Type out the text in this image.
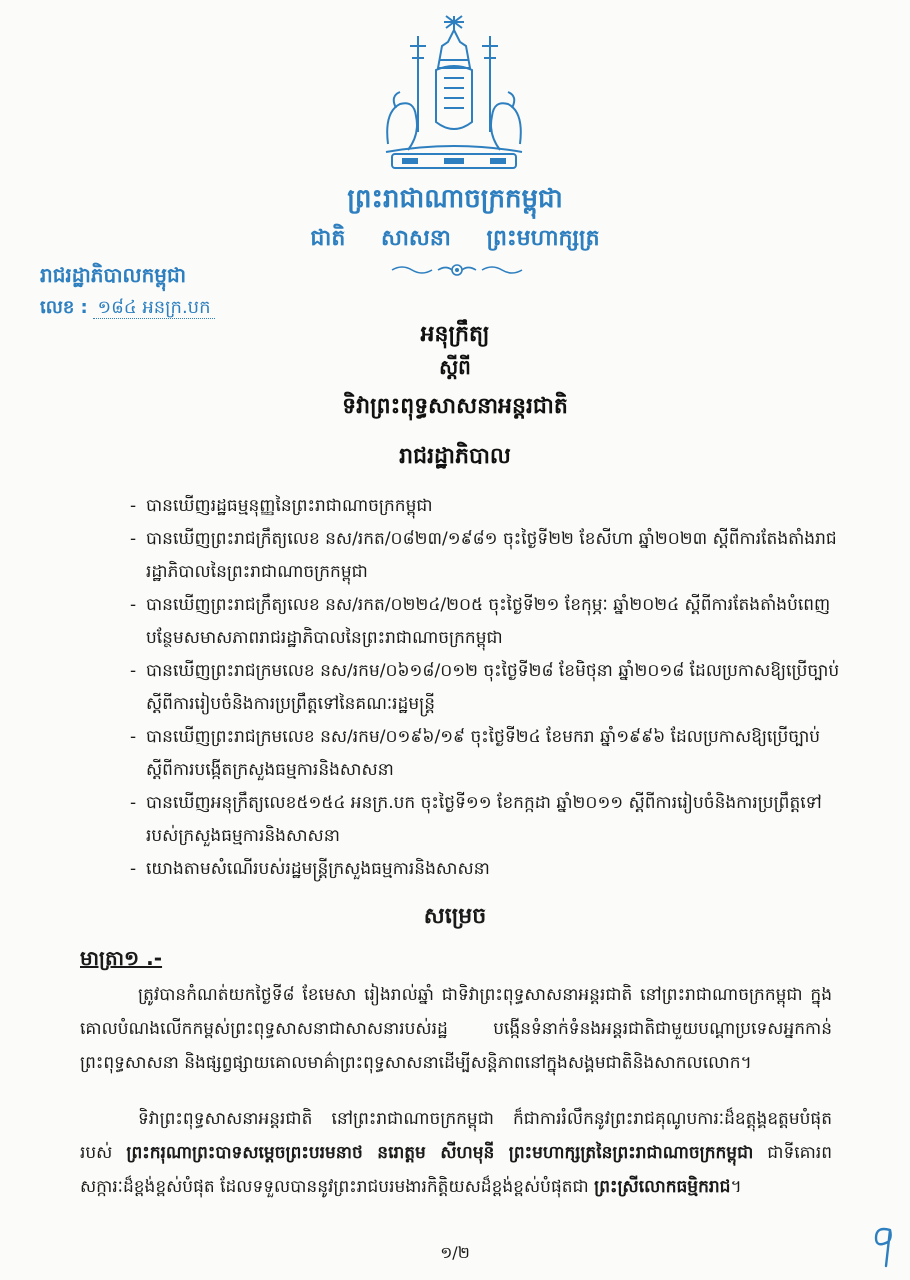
ព្រះរាជាណាចក្រកម្ពុជា
ជាតិ សាសនា ព្រះមហាក្សត្រ
រាជរដ្ឋាភិបាលកម្ពុជា
លេខ : ១៨៤ អនក្រ.បក
អនុក្រឹត្យ
ស្ដីពី
ទិវាព្រះពុទ្ធសាសនាអន្តរជាតិ
រាជរដ្ឋាភិបាល
- បានឃើញរដ្ឋធម្មនុញ្ញនៃព្រះរាជាណាចក្រកម្ពុជា
- បានឃើញព្រះរាជក្រឹត្យលេខ នស/រកត/០៨២៣/១៩៨១ ចុះថ្ងៃទី២២ ខែសីហា ឆ្នាំ២០២៣ ស្ដីពីការតែងតាំងរាជរដ្ឋាភិបាលនៃព្រះរាជាណាចក្រកម្ពុជា
- បានឃើញព្រះរាជក្រឹត្យលេខ នស/រកត/០២២៤/២០៥ ចុះថ្ងៃទី២១ ខែកុម្ភៈ ឆ្នាំ២០២៤ ស្ដីពីការតែងតាំងបំពេញបន្ថែមសមាសភាពរាជរដ្ឋាភិបាលនៃព្រះរាជាណាចក្រកម្ពុជា
- បានឃើញព្រះរាជក្រមលេខ នស/រកម/០៦១៨/០១២ ចុះថ្ងៃទី២៨ ខែមិថុនា ឆ្នាំ២០១៨ ដែលប្រកាសឱ្យប្រើច្បាប់ស្ដីពីការរៀបចំនិងការប្រព្រឹត្តទៅនៃគណៈរដ្ឋមន្ត្រី
- បានឃើញព្រះរាជក្រមលេខ នស/រកម/០១៩៦/១៩ ចុះថ្ងៃទី២៤ ខែមករា ឆ្នាំ១៩៩៦ ដែលប្រកាសឱ្យប្រើច្បាប់ស្ដីពីការបង្កើតក្រសួងធម្មការនិងសាសនា
- បានឃើញអនុក្រឹត្យលេខ៥១៥៤ អនក្រ.បក ចុះថ្ងៃទី១១ ខែកក្កដា ឆ្នាំ២០១១ ស្ដីពីការរៀបចំនិងការប្រព្រឹត្តទៅរបស់ក្រសួងធម្មការនិងសាសនា
- យោងតាមសំណើរបស់រដ្ឋមន្ត្រីក្រសួងធម្មការនិងសាសនា
សម្រេច
មាត្រា១ .-

ត្រូវបានកំណត់យកថ្ងៃទី៨ ខែមេសា រៀងរាល់ឆ្នាំ ជាទិវាព្រះពុទ្ធសាសនាអន្តរជាតិ នៅព្រះរាជាណាចក្រកម្ពុជា ក្នុងគោលបំណងលើកកម្ពស់ព្រះពុទ្ធសាសនាជាសាសនារបស់រដ្ឋ បង្កើនទំនាក់ទំនងអន្តរជាតិជាមួយបណ្ដាប្រទេសអ្នកកាន់ព្រះពុទ្ធសាសនា និងផ្សព្វផ្សាយគោលមាគ៌ាព្រះពុទ្ធសាសនាដើម្បីសន្តិភាពនៅក្នុងសង្គមជាតិនិងសាកលលោក។

ទិវាព្រះពុទ្ធសាសនាអន្តរជាតិ នៅព្រះរាជាណាចក្រកម្ពុជា ក៏ជាការរំលឹកនូវព្រះរាជគុណូបការៈដ៏ឧត្តុង្គឧត្ដមបំផុតរបស់ ព្រះករុណាព្រះបាទសម្ដេចព្រះបរមនាថ នរោត្តម សីហមុនី ព្រះមហាក្សត្រនៃព្រះរាជាណាចក្រកម្ពុជា ជាទីគោរពសក្ការៈដ៏ខ្ពង់ខ្ពស់បំផុត ដែលទទួលបាននូវព្រះរាជបរមងារកិត្តិយសដ៏ខ្ពង់ខ្ពស់បំផុតជា ព្រះស្រីលោកធម្មិករាជ។

១/២
